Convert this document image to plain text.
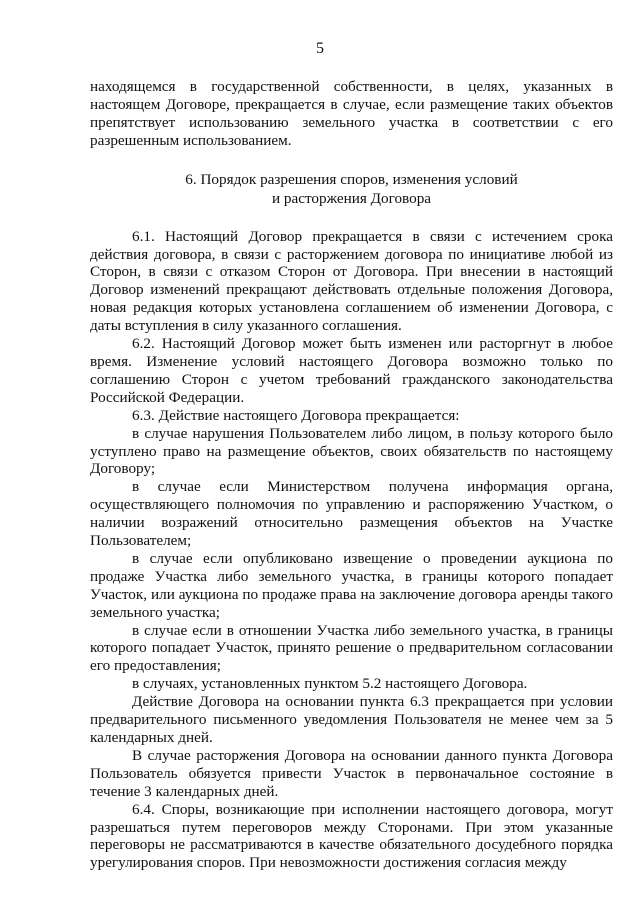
5

находящемся в государственной собственности, в целях, указанных в настоящем Договоре, прекращается в случае, если размещение таких объектов препятствует использованию земельного участка в соответствии с его разрешенным использованием.

6. Порядок разрешения споров, изменения условий
и расторжения Договора

6.1. Настоящий Договор прекращается в связи с истечением срока действия договора, в связи с расторжением договора по инициативе любой из Сторон, в связи с отказом Сторон от Договора. При внесении в настоящий Договор изменений прекращают действовать отдельные положения Договора, новая редакция которых установлена соглашением об изменении Договора, с даты вступления в силу указанного соглашения.

6.2. Настоящий Договор может быть изменен или расторгнут в любое время. Изменение условий настоящего Договора возможно только по соглашению Сторон с учетом требований гражданского законодательства Российской Федерации.

6.3. Действие настоящего Договора прекращается:

в случае нарушения Пользователем либо лицом, в пользу которого было уступлено право на размещение объектов, своих обязательств по настоящему Договору;

в случае если Министерством получена информация органа, осуществляющего полномочия по управлению и распоряжению Участком, о наличии возражений относительно размещения объектов на Участке Пользователем;

в случае если опубликовано извещение о проведении аукциона по продаже Участка либо земельного участка, в границы которого попадает Участок, или аукциона по продаже права на заключение договора аренды такого земельного участка;

в случае если в отношении Участка либо земельного участка, в границы которого попадает Участок, принято решение о предварительном согласовании его предоставления;

в случаях, установленных пунктом 5.2 настоящего Договора.

Действие Договора на основании пункта 6.3 прекращается при условии предварительного письменного уведомления Пользователя не менее чем за 5 календарных дней.

В случае расторжения Договора на основании данного пункта Договора Пользователь обязуется привести Участок в первоначальное состояние в течение 3 календарных дней.

6.4. Споры, возникающие при исполнении настоящего договора, могут разрешаться путем переговоров между Сторонами. При этом указанные переговоры не рассматриваются в качестве обязательного досудебного порядка урегулирования споров. При невозможности достижения согласия между
